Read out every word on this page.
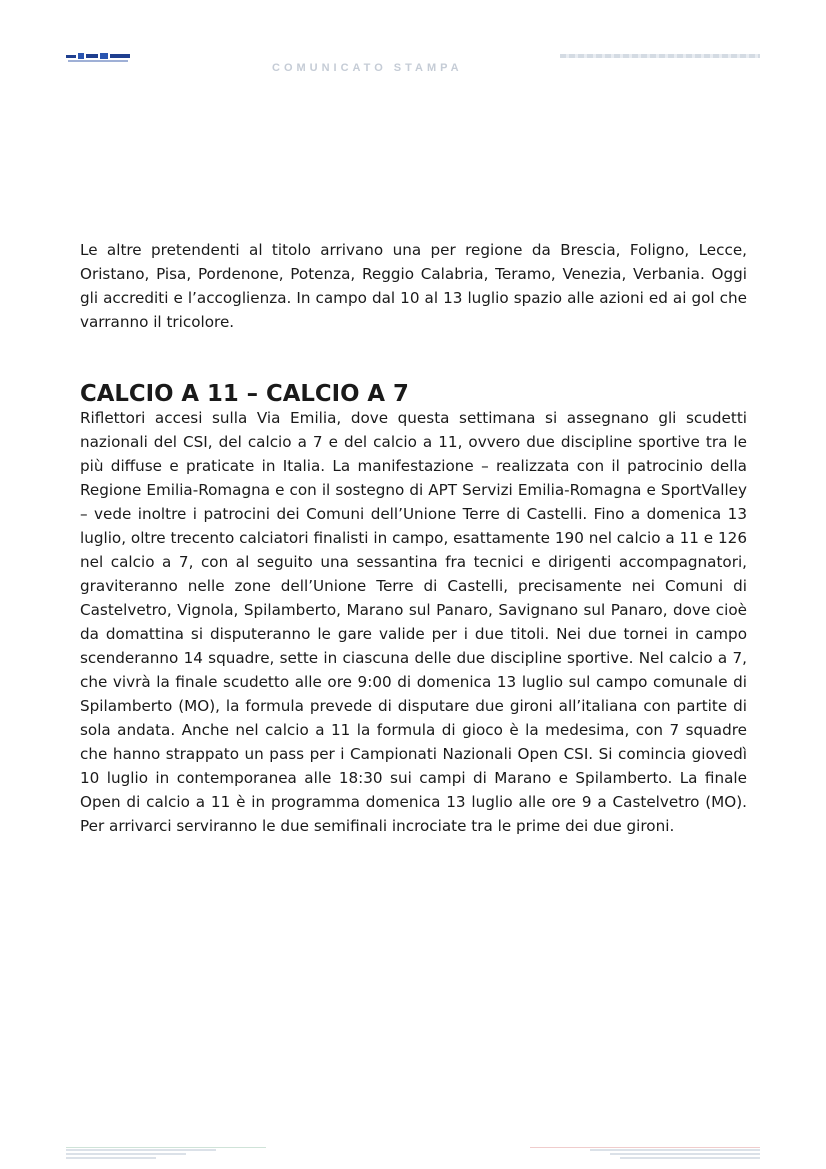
COMUNICATO STAMPA

Le altre pretendenti al titolo arrivano una per regione da Brescia, Foligno, Lecce, Oristano, Pisa, Pordenone, Potenza, Reggio Calabria, Teramo, Venezia, Verbania. Oggi gli accrediti e l’accoglienza. In campo dal 10 al 13 luglio spazio alle azioni ed ai gol che varranno il tricolore.

CALCIO A 11 – CALCIO A 7

Riflettori accesi sulla Via Emilia, dove questa settimana si assegnano gli scudetti nazionali del CSI, del calcio a 7 e del calcio a 11, ovvero due discipline sportive tra le più diffuse e praticate in Italia. La manifestazione – realizzata con il patrocinio della Regione Emilia-Romagna e con il sostegno di APT Servizi Emilia-Romagna e SportValley – vede inoltre i patrocini dei Comuni dell’Unione Terre di Castelli. Fino a domenica 13 luglio, oltre trecento calciatori finalisti in campo, esattamente 190 nel calcio a 11 e 126 nel calcio a 7, con al seguito una sessantina fra tecnici e dirigenti accompagnatori, graviteranno nelle zone dell’Unione Terre di Castelli, precisamente nei Comuni di Castelvetro, Vignola, Spilamberto, Marano sul Panaro, Savignano sul Panaro, dove cioè da domattina si disputeranno le gare valide per i due titoli. Nei due tornei in campo scenderanno 14 squadre, sette in ciascuna delle due discipline sportive. Nel calcio a 7, che vivrà la finale scudetto alle ore 9:00 di domenica 13 luglio sul campo comunale di Spilamberto (MO), la formula prevede di disputare due gironi all’italiana con partite di sola andata. Anche nel calcio a 11 la formula di gioco è la medesima, con 7 squadre che hanno strappato un pass per i Campionati Nazionali Open CSI. Si comincia giovedì 10 luglio in contemporanea alle 18:30 sui campi di Marano e Spilamberto. La finale Open di calcio a 11 è in programma domenica 13 luglio alle ore 9 a Castelvetro (MO). Per arrivarci serviranno le due semifinali incrociate tra le prime dei due gironi.
